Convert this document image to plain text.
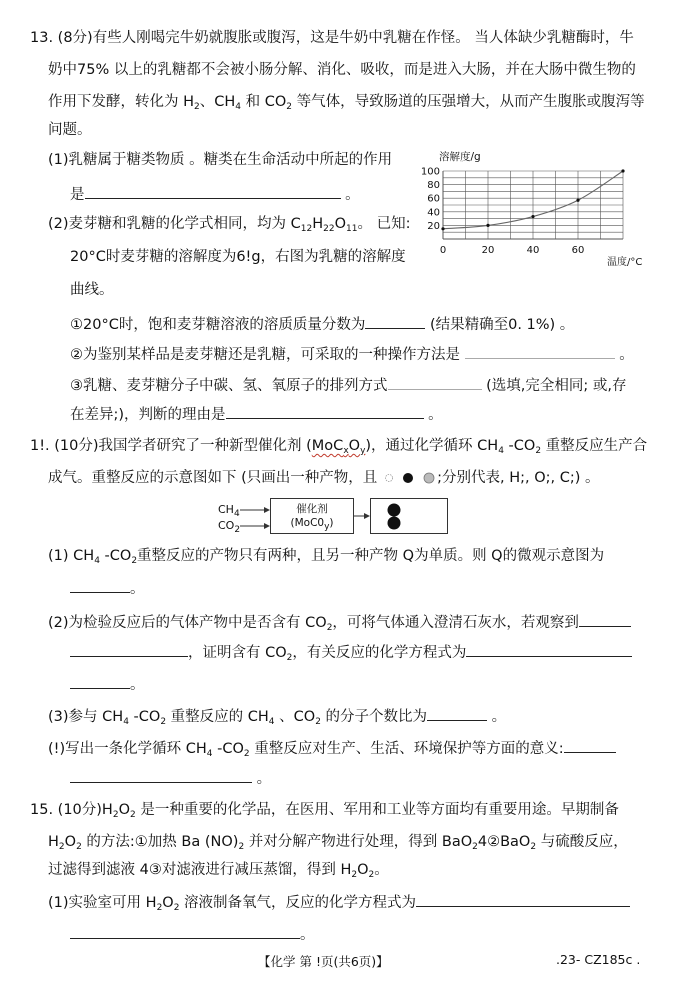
13. (8分)有些人刚喝完牛奶就腹胀或腹泻，这是牛奶中乳糖在作怪。 当人体缺少乳糖酶时，牛
奶中75% 以上的乳糖都不会被小肠分解、消化、吸收，而是进入大肠，并在大肠中微生物的
作用下发酵，转化为 $H_2$、$CH_4$ 和 $CO_2$ 等气体，导致肠道的压强增大，从而产生腹胀或腹泻等
问题。
(1)乳糖属于糖类物质 。糖类在生命活动中所起的作用
是	。
(2)麦芽糖和乳糖的化学式相同，均为 $C_{12}H_{22}O_{11}$。 已知:
20°C时麦芽糖的溶解度为6!g，右图为乳糖的溶解度
曲线。
①20°C时，饱和麦芽糖溶液的溶质质量分数为	(结果精确至0. 1%) 。
②为鉴别某样品是麦芽糖还是乳糖，可采取的一种操作方法是	。
③乳糖、麦芽糖分子中碳、氢、氧原子的排列方式	(选填,完全相同; 或,存
在差异;)，判断的理由是	。
溶解度/g
20
40
60
80
100
0	20	40	60
温度/°C
1!. (10分)我国学者研究了一种新型催化剂 $(MoC_xO_y)$，通过化学循环 $CH_4$ $-CO_2$ 重整反应生产合
成气。重整反应的示意图如下 (只画出一种产物，且	;分别代表, H;, O;, C;) 。
$CH_4$
$CO_2$
催化剂
$(MoC0_y)$
(1) $CH_4$ $-CO_2$重整反应的产物只有两种，且另一种产物 Q为单质。则 Q的微观示意图为
。
(2)为检验反应后的气体产物中是否含有 $CO_2$，可将气体通入澄清石灰水，若观察到
，证明含有 $CO_2$，有关反应的化学方程式为
。
(3)参与 $CH_4$ $-CO_2$ 重整反应的 $CH_4$ 、$CO_2$ 的分子个数比为	。
(!)写出一条化学循环 $CH_4$ $-CO_2$ 重整反应对生产、生活、环境保护等方面的意义:
。
15. (10分)$H_2O_2$ 是一种重要的化学品，在医用、军用和工业等方面均有重要用途。早期制备
$H_2O_2$ 的方法:①加热 Ba $(NO)_2$ 并对分解产物进行处理，得到 BaO$_2$4②BaO$_2$ 与硫酸反应，
过滤得到滤液 4③对滤液进行减压蒸馏，得到 $H_2O_2$。
(1)实验室可用 $H_2O_2$ 溶液制备氧气，反应的化学方程式为
。
【化学 第 !页(共6页)】	.23- CZ185c .
